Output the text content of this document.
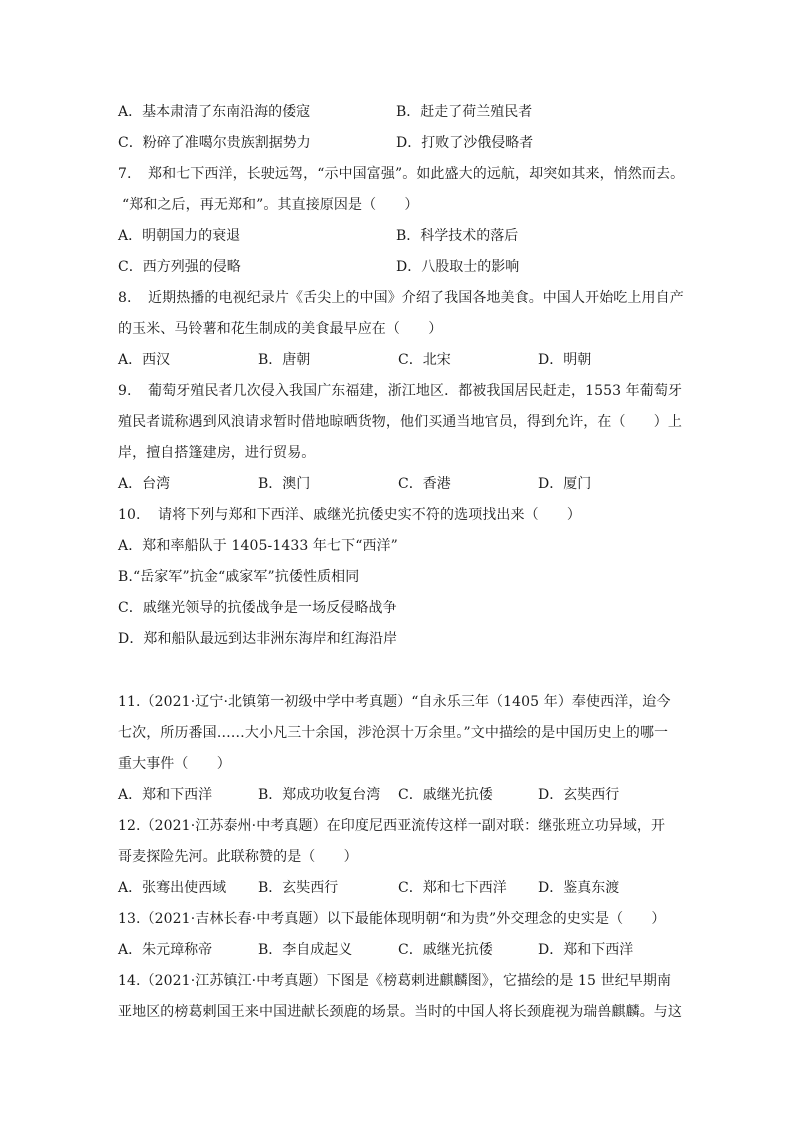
A．基本肃清了东南沿海的倭寇	B．赶走了荷兰殖民者
C．粉碎了准噶尔贵族割据势力	D．打败了沙俄侵略者
7. 郑和七下西洋，长驶远驾，“示中国富强”。如此盛大的远航，却突如其来，悄然而去。
“郑和之后，再无郑和”。其直接原因是（　　）
A．明朝国力的衰退	B．科学技术的落后
C．西方列强的侵略	D．八股取士的影响
8. 近期热播的电视纪录片《舌尖上的中国》介绍了我国各地美食。中国人开始吃上用自产
的玉米、马铃薯和花生制成的美食最早应在（　　）
A．西汉	B．唐朝	C．北宋	D．明朝
9. 葡萄牙殖民者几次侵入我国广东福建，浙江地区．都被我国居民赶走，1553 年葡萄牙
殖民者谎称遇到风浪请求暂时借地晾晒货物，他们买通当地官员，得到允许，在（　　）上
岸，擅自搭篷建房，进行贸易。
A．台湾	B．澳门	C．香港	D．厦门
10. 请将下列与郑和下西洋、戚继光抗倭史实不符的选项找出来（　　）
A．郑和率船队于 1405-1433 年七下“西洋”
B.“岳家军”抗金“戚家军”抗倭性质相同
C．戚继光领导的抗倭战争是一场反侵略战争
D．郑和船队最远到达非洲东海岸和红海沿岸
11.（2021·辽宁·北镇第一初级中学中考真题）“自永乐三年（1405 年）奉使西洋，迨今
七次，所历番国……大小凡三十余国，涉沧溟十万余里。”文中描绘的是中国历史上的哪一
重大事件（　　）
A．郑和下西洋	B．郑成功收复台湾 C．戚继光抗倭	D．玄奘西行
12.（2021·江苏泰州·中考真题）在印度尼西亚流传这样一副对联：继张班立功异域，开
哥麦探险先河。此联称赞的是（　　）
A．张骞出使西域 B．玄奘西行	C．郑和七下西洋 D．鉴真东渡
13.（2021·吉林长春·中考真题）以下最能体现明朝“和为贵”外交理念的史实是（　　）
A．朱元璋称帝	B．李自成起义	C．戚继光抗倭	D．郑和下西洋
14.（2021·江苏镇江·中考真题）下图是《榜葛剌进麒麟图》，它描绘的是 15 世纪早期南
亚地区的榜葛剌国王来中国进献长颈鹿的场景。当时的中国人将长颈鹿视为瑞兽麒麟。与这
